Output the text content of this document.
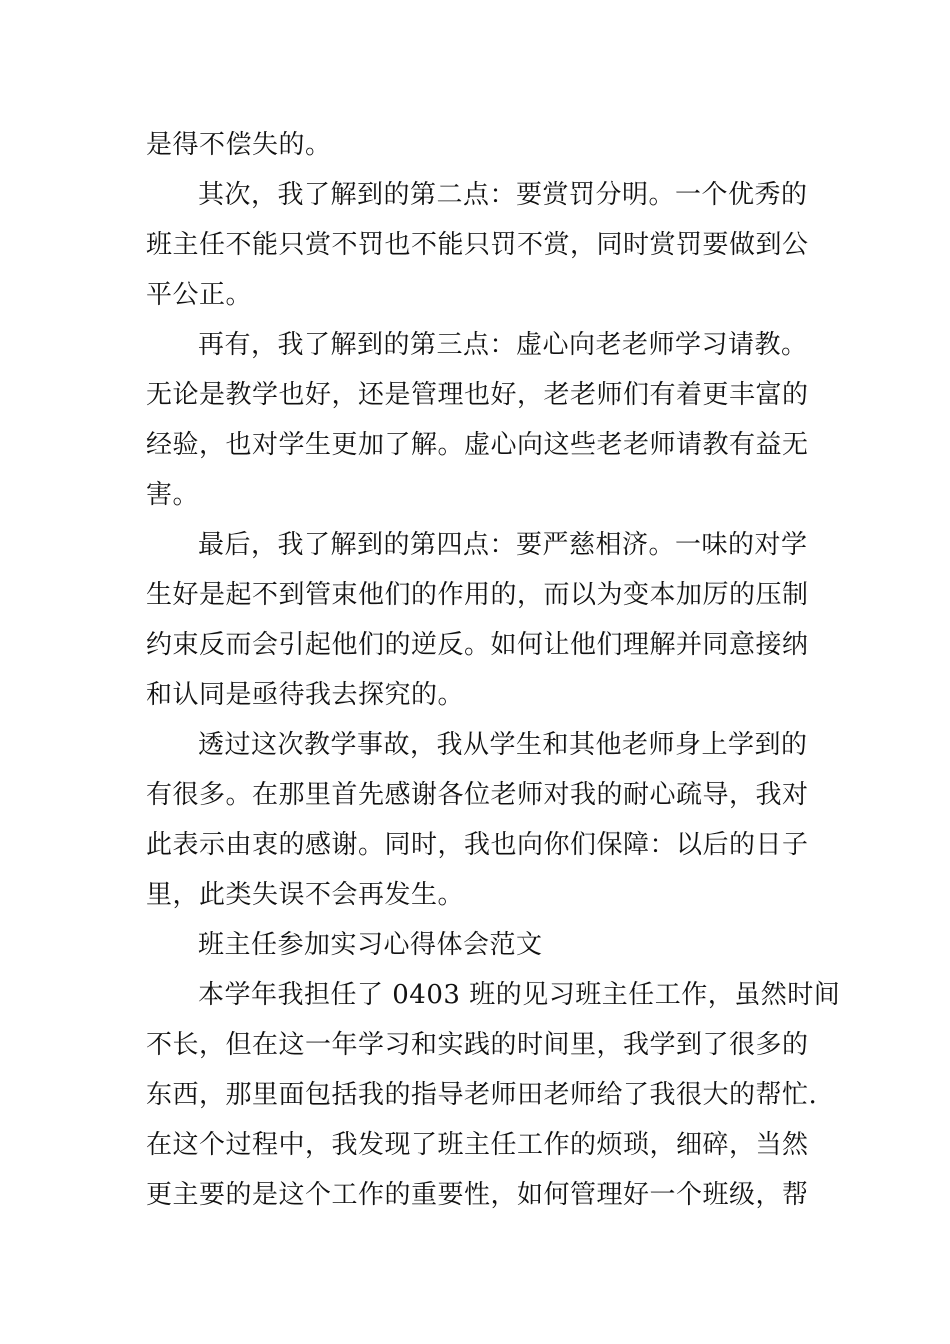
是得不偿失的。
其次，我了解到的第二点：要赏罚分明。一个优秀的
班主任不能只赏不罚也不能只罚不赏，同时赏罚要做到公
平公正。
再有，我了解到的第三点：虚心向老老师学习请教。
无论是教学也好，还是管理也好，老老师们有着更丰富的
经验，也对学生更加了解。虚心向这些老老师请教有益无
害。
最后，我了解到的第四点：要严慈相济。一味的对学
生好是起不到管束他们的作用的，而以为变本加厉的压制
约束反而会引起他们的逆反。如何让他们理解并同意接纳
和认同是亟待我去探究的。
透过这次教学事故，我从学生和其他老师身上学到的
有很多。在那里首先感谢各位老师对我的耐心疏导，我对
此表示由衷的感谢。同时，我也向你们保障：以后的日子
里，此类失误不会再发生。
班主任参加实习心得体会范文
本学年我担任了 0403 班的见习班主任工作，虽然时间
不长，但在这一年学习和实践的时间里，我学到了很多的
东西，那里面包括我的指导老师田老师给了我很大的帮忙.
在这个过程中，我发现了班主任工作的烦琐，细碎，当然
更主要的是这个工作的重要性，如何管理好一个班级，帮
